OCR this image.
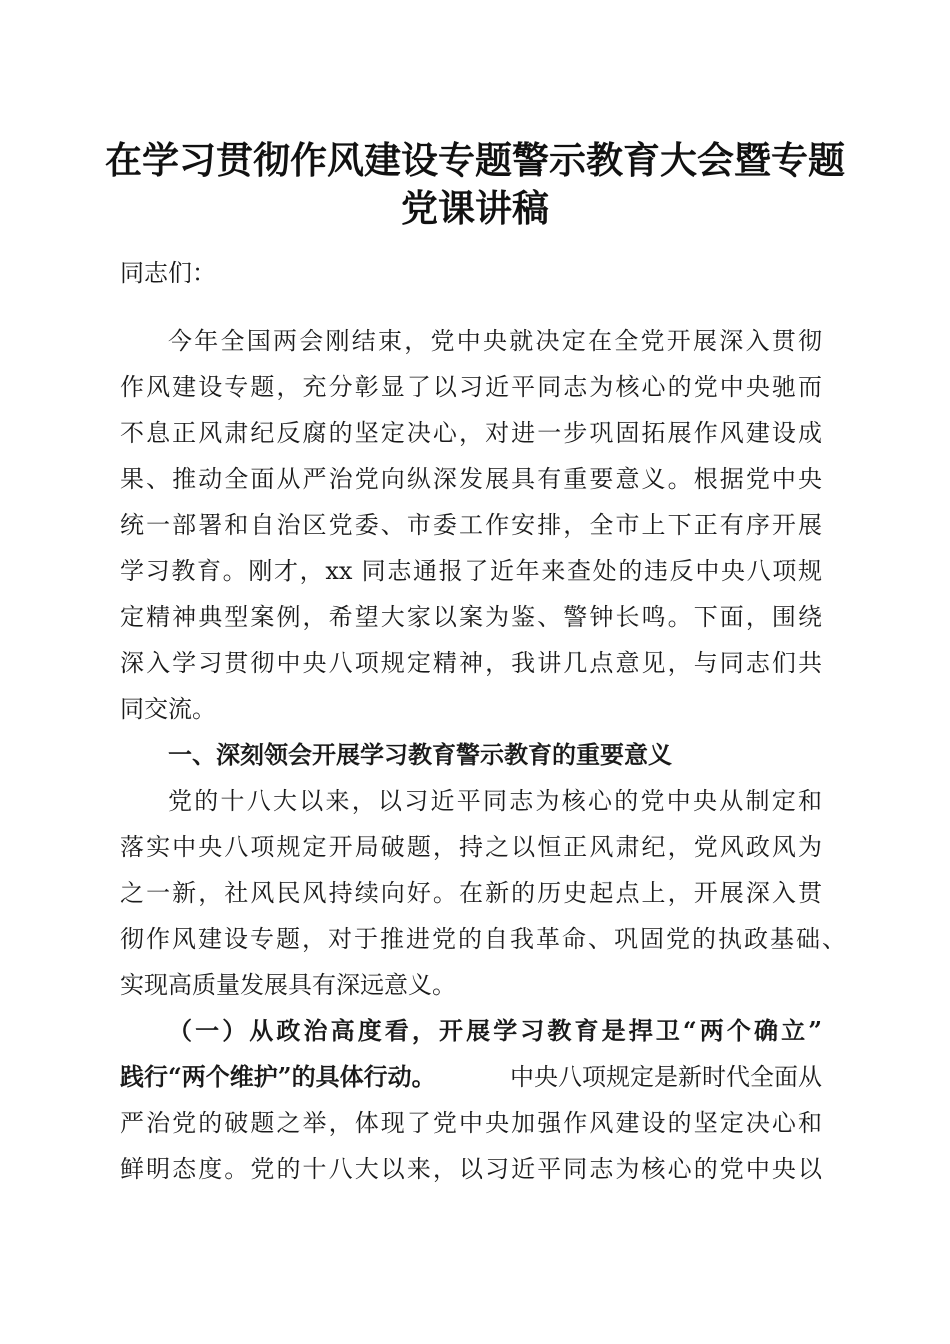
在学习贯彻作风建设专题警示教育大会暨专题
党课讲稿
同志们：
今年全国两会刚结束，党中央就决定在全党开展深入贯彻
作风建设专题，充分彰显了以习近平同志为核心的党中央驰而
不息正风肃纪反腐的坚定决心，对进一步巩固拓展作风建设成
果、推动全面从严治党向纵深发展具有重要意义。根据党中央
统一部署和自治区党委、市委工作安排，全市上下正有序开展
学习教育。刚才，xx 同志通报了近年来查处的违反中央八项规
定精神典型案例，希望大家以案为鉴、警钟长鸣。下面，围绕
深入学习贯彻中央八项规定精神，我讲几点意见，与同志们共
同交流。
一、深刻领会开展学习教育警示教育的重要意义
党的十八大以来，以习近平同志为核心的党中央从制定和
落实中央八项规定开局破题，持之以恒正风肃纪，党风政风为
之一新，社风民风持续向好。在新的历史起点上，开展深入贯
彻作风建设专题，对于推进党的自我革命、巩固党的执政基础、
实现高质量发展具有深远意义。
（一）从政治高度看，开展学习教育是捍卫“两个确立”
践行“两个维护”的具体行动。	中央八项规定是新时代全面从
严治党的破题之举，体现了党中央加强作风建设的坚定决心和
鲜明态度。党的十八大以来，以习近平同志为核心的党中央以
